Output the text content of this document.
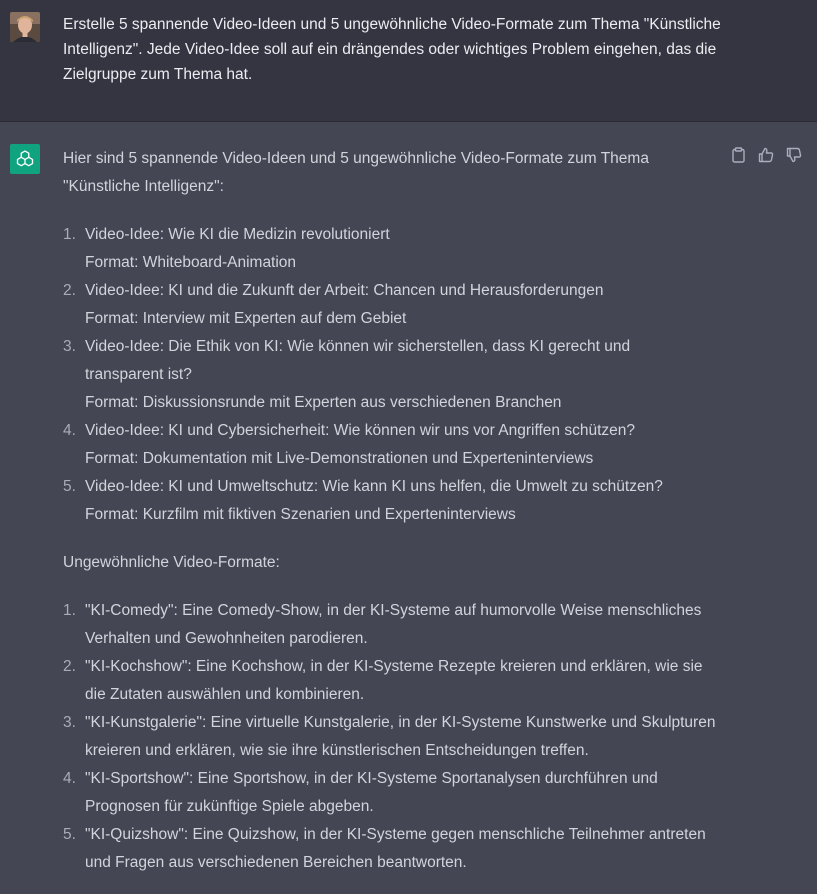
Erstelle 5 spannende Video-Ideen und 5 ungewöhnliche Video-Formate zum Thema "Künstliche Intelligenz". Jede Video-Idee soll auf ein drängendes oder wichtiges Problem eingehen, das die Zielgruppe zum Thema hat.
Hier sind 5 spannende Video-Ideen und 5 ungewöhnliche Video-Formate zum Thema "Künstliche Intelligenz":
1. Video-Idee: Wie KI die Medizin revolutioniert
Format: Whiteboard-Animation
2. Video-Idee: KI und die Zukunft der Arbeit: Chancen und Herausforderungen
Format: Interview mit Experten auf dem Gebiet
3. Video-Idee: Die Ethik von KI: Wie können wir sicherstellen, dass KI gerecht und transparent ist?
Format: Diskussionsrunde mit Experten aus verschiedenen Branchen
4. Video-Idee: KI und Cybersicherheit: Wie können wir uns vor Angriffen schützen?
Format: Dokumentation mit Live-Demonstrationen und Experteninterviews
5. Video-Idee: KI und Umweltschutz: Wie kann KI uns helfen, die Umwelt zu schützen?
Format: Kurzfilm mit fiktiven Szenarien und Experteninterviews
Ungewöhnliche Video-Formate:
1. "KI-Comedy": Eine Comedy-Show, in der KI-Systeme auf humorvolle Weise menschliches Verhalten und Gewohnheiten parodieren.
2. "KI-Kochshow": Eine Kochshow, in der KI-Systeme Rezepte kreieren und erklären, wie sie die Zutaten auswählen und kombinieren.
3. "KI-Kunstgalerie": Eine virtuelle Kunstgalerie, in der KI-Systeme Kunstwerke und Skulpturen kreieren und erklären, wie sie ihre künstlerischen Entscheidungen treffen.
4. "KI-Sportshow": Eine Sportshow, in der KI-Systeme Sportanalysen durchführen und Prognosen für zukünftige Spiele abgeben.
5. "KI-Quizshow": Eine Quizshow, in der KI-Systeme gegen menschliche Teilnehmer antreten und Fragen aus verschiedenen Bereichen beantworten.
